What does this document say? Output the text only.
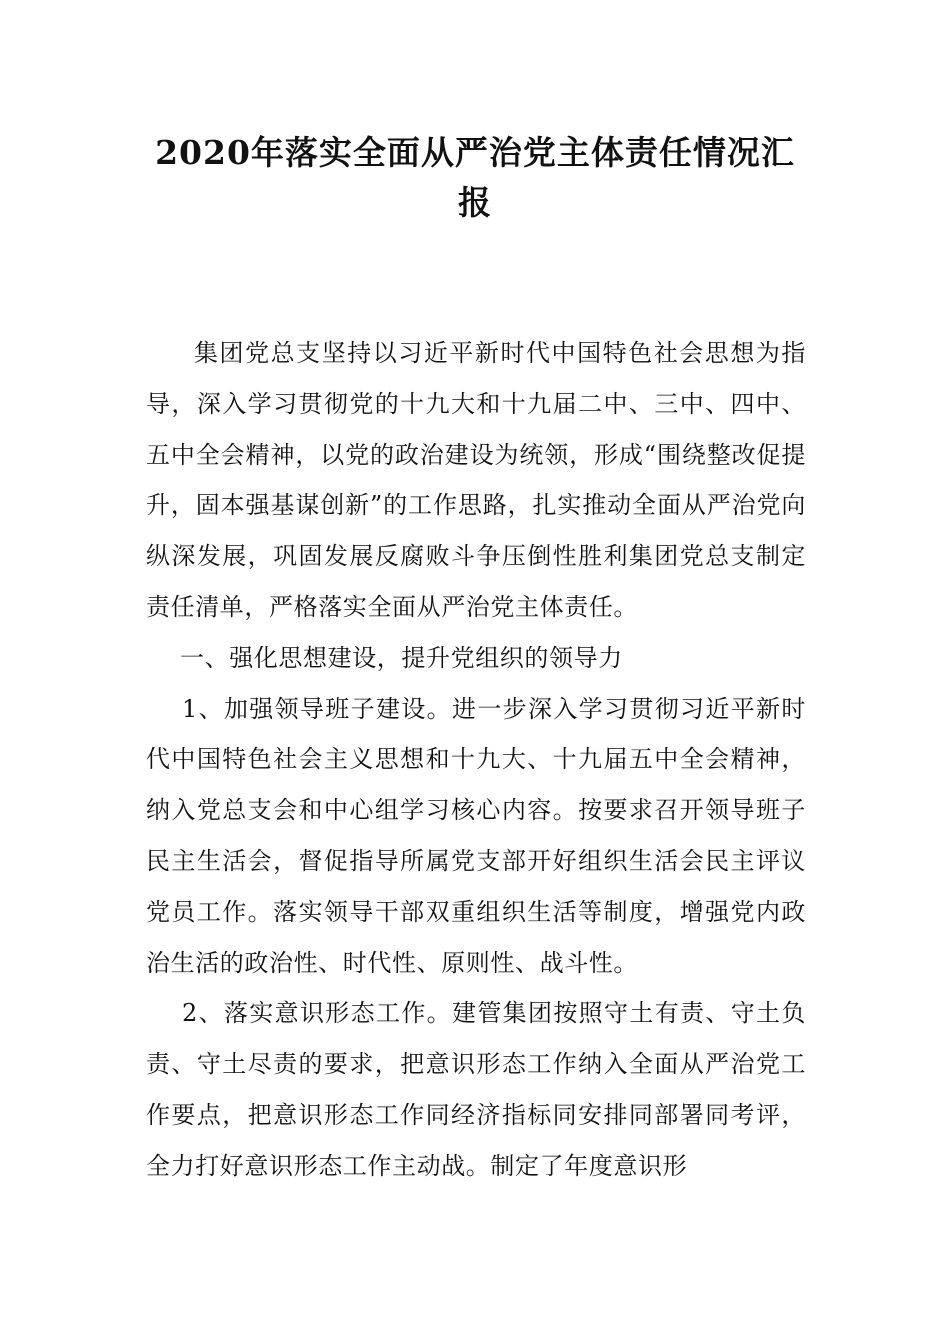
2020年落实全面从严治党主体责任情况汇报

集团党总支坚持以习近平新时代中国特色社会思想为指导，深入学习贯彻党的十九大和十九届二中、三中、四中、五中全会精神，以党的政治建设为统领，形成“围绕整改促提升，固本强基谋创新”的工作思路，扎实推动全面从严治党向纵深发展，巩固发展反腐败斗争压倒性胜利集团党总支制定责任清单，严格落实全面从严治党主体责任。

一、强化思想建设，提升党组织的领导力

1、加强领导班子建设。进一步深入学习贯彻习近平新时代中国特色社会主义思想和十九大、十九届五中全会精神，纳入党总支会和中心组学习核心内容。按要求召开领导班子民主生活会，督促指导所属党支部开好组织生活会民主评议党员工作。落实领导干部双重组织生活等制度，增强党内政治生活的政治性、时代性、原则性、战斗性。

2、落实意识形态工作。建管集团按照守土有责、守土负责、守土尽责的要求，把意识形态工作纳入全面从严治党工作要点，把意识形态工作同经济指标同安排同部署同考评，全力打好意识形态工作主动战。制定了年度意识形
